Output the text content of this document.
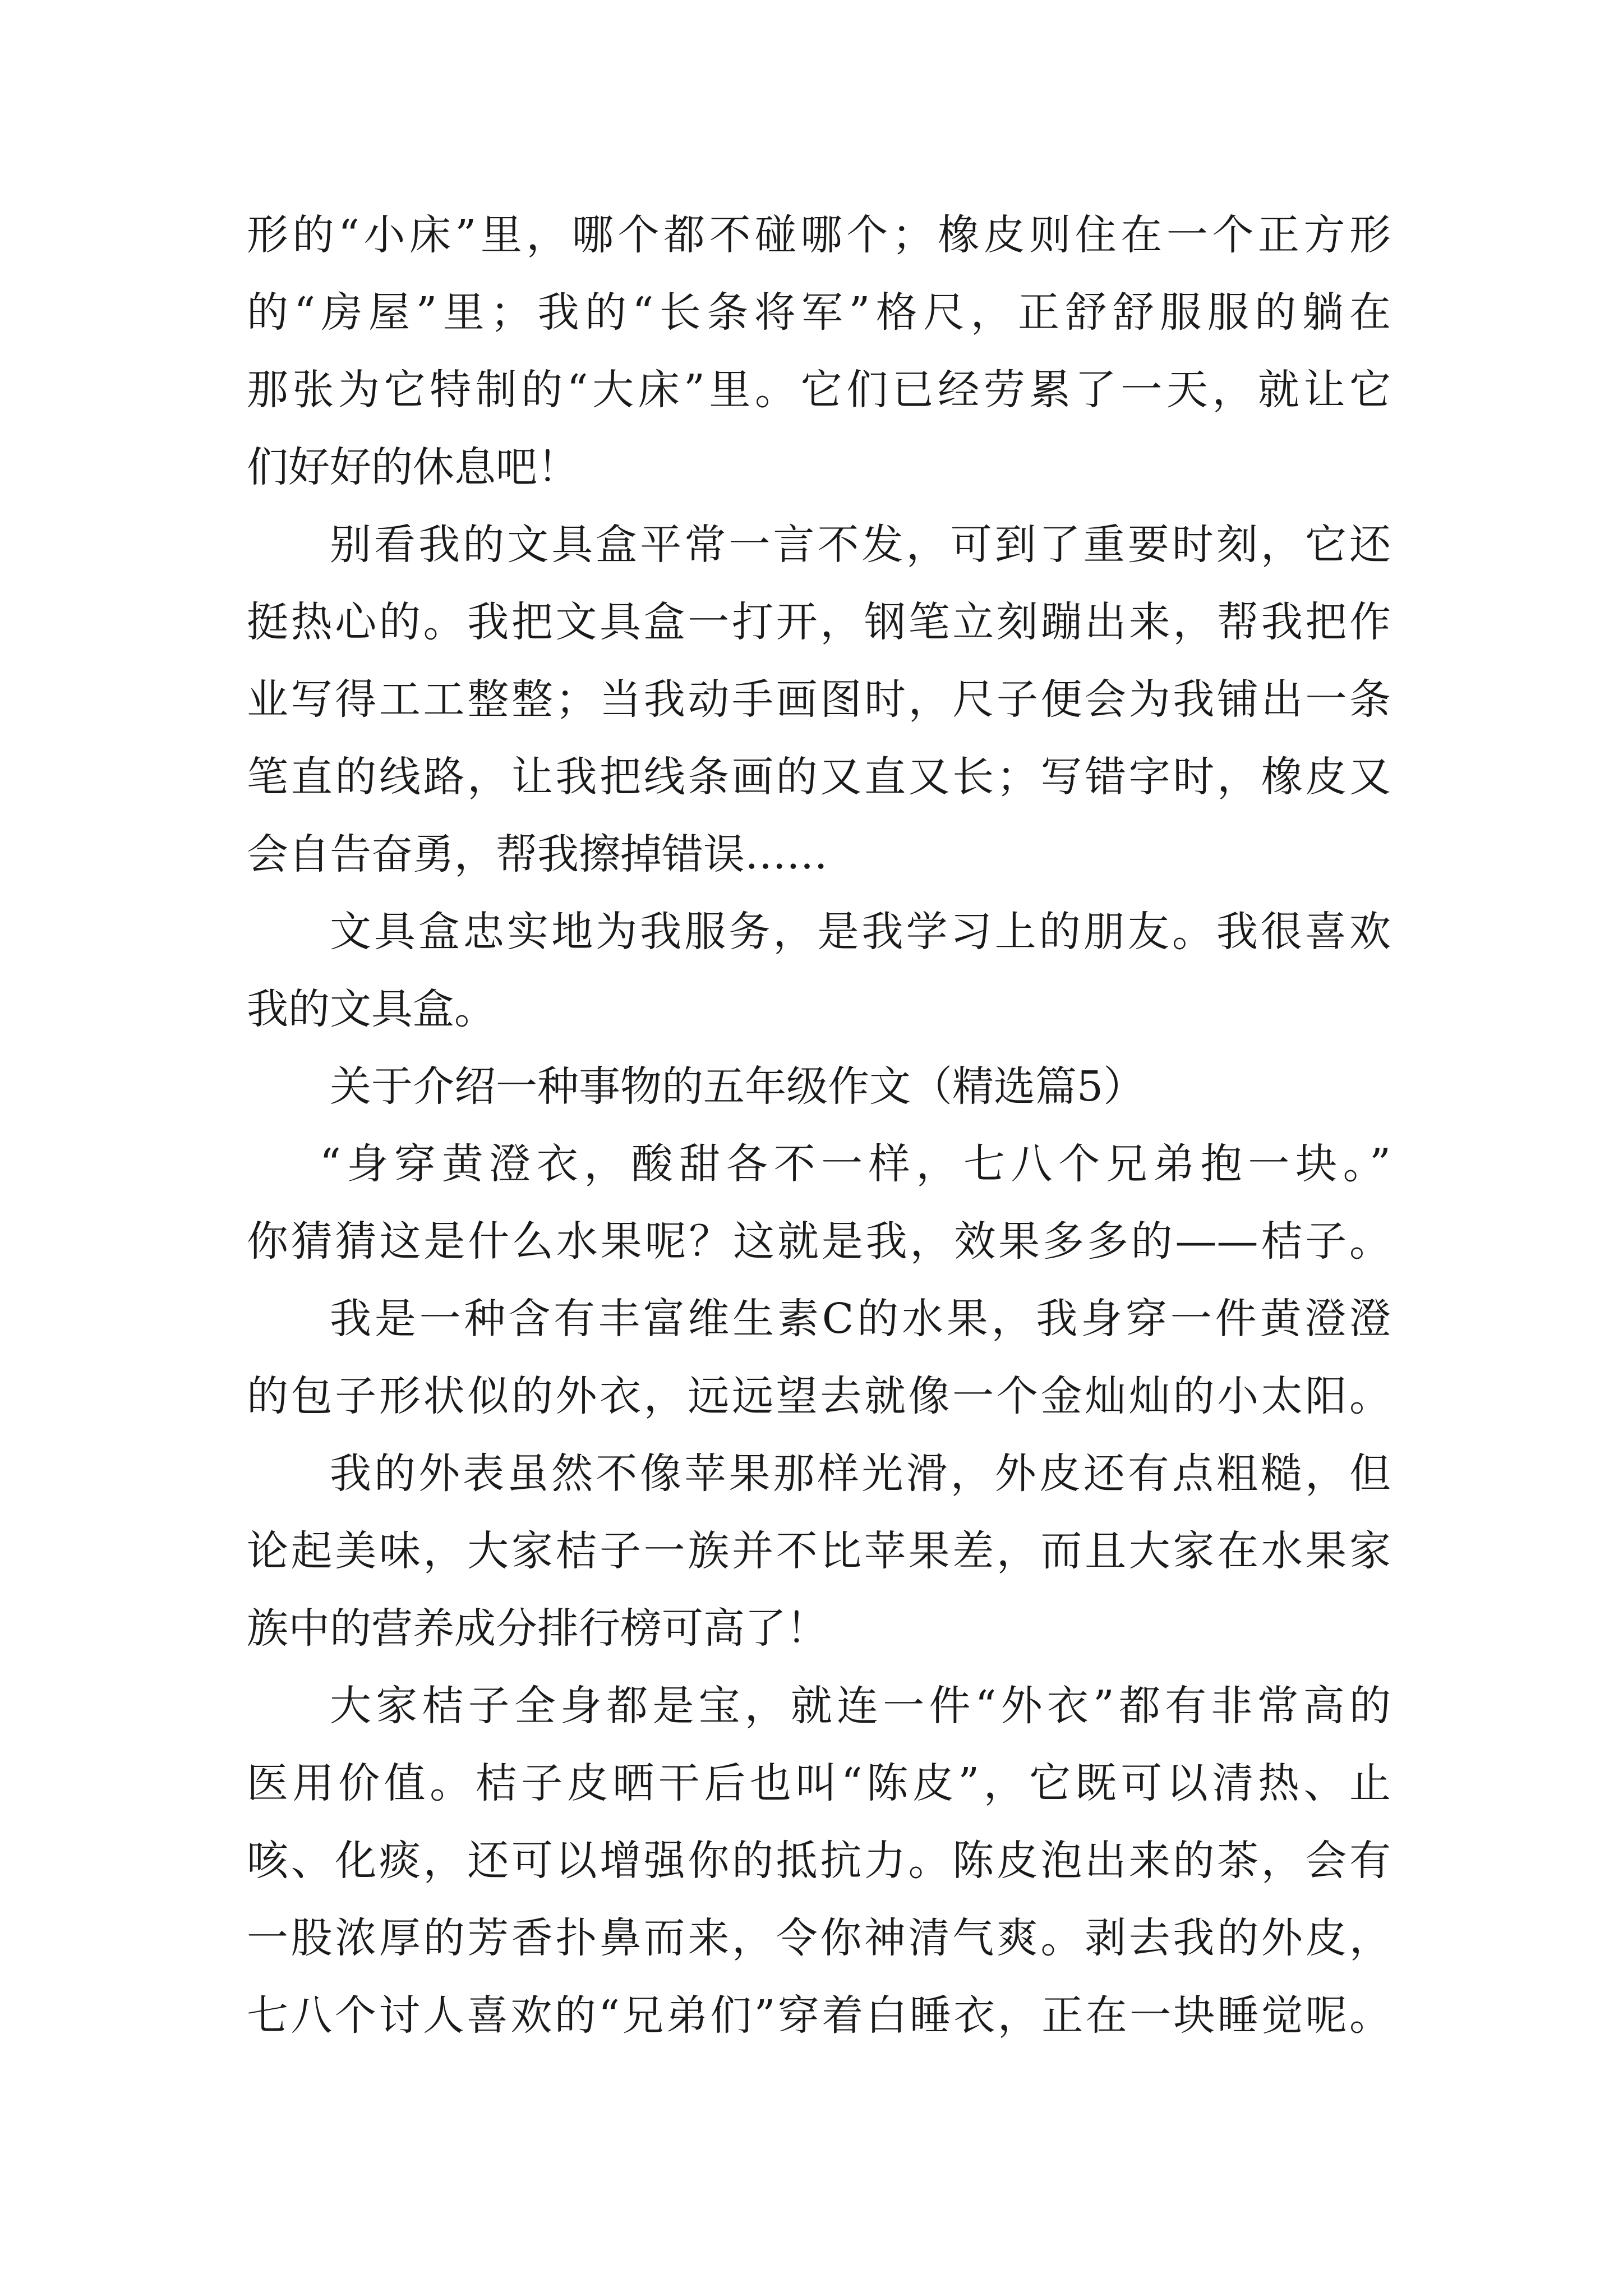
形的“小床”里，哪个都不碰哪个；橡皮则住在一个正方形
的“房屋”里；我的“长条将军”格尺，正舒舒服服的躺在
那张为它特制的“大床”里。它们已经劳累了一天，就让它
们好好的休息吧！
别看我的文具盒平常一言不发，可到了重要时刻，它还
挺热心的。我把文具盒一打开，钢笔立刻蹦出来，帮我把作
业写得工工整整；当我动手画图时，尺子便会为我铺出一条
笔直的线路，让我把线条画的又直又长；写错字时，橡皮又
会自告奋勇，帮我擦掉错误……
文具盒忠实地为我服务，是我学习上的朋友。我很喜欢
我的文具盒。
关于介绍一种事物的五年级作文（精选篇5）
“身穿黄澄衣，酸甜各不一样，七八个兄弟抱一块。”
你猜猜这是什么水果呢？这就是我，效果多多的——桔子。
我是一种含有丰富维生素C的水果，我身穿一件黄澄澄
的包子形状似的外衣，远远望去就像一个金灿灿的小太阳。
我的外表虽然不像苹果那样光滑，外皮还有点粗糙，但
论起美味，大家桔子一族并不比苹果差，而且大家在水果家
族中的营养成分排行榜可高了！
大家桔子全身都是宝，就连一件“外衣”都有非常高的
医用价值。桔子皮晒干后也叫“陈皮”，它既可以清热、止
咳、化痰，还可以增强你的抵抗力。陈皮泡出来的茶，会有
一股浓厚的芳香扑鼻而来，令你神清气爽。剥去我的外皮，
七八个讨人喜欢的“兄弟们”穿着白睡衣，正在一块睡觉呢。
